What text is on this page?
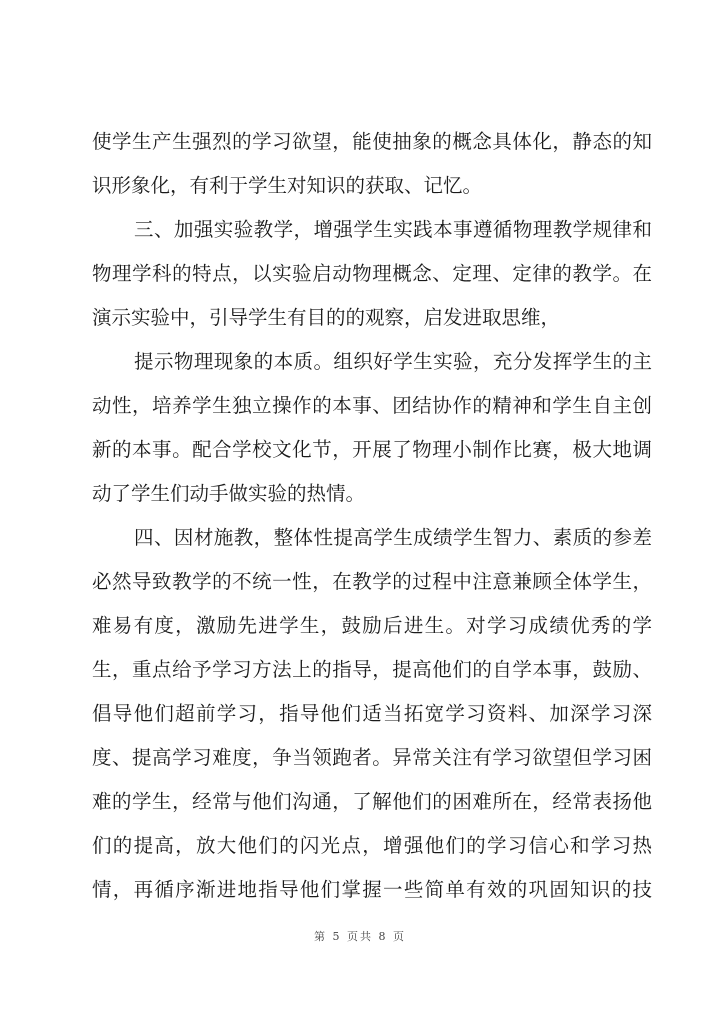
使学生产生强烈的学习欲望，能使抽象的概念具体化，静态的知
识形象化，有利于学生对知识的获取、记忆。
三、加强实验教学，增强学生实践本事遵循物理教学规律和
物理学科的特点，以实验启动物理概念、定理、定律的教学。在
演示实验中，引导学生有目的的观察，启发进取思维，
提示物理现象的本质。组织好学生实验，充分发挥学生的主
动性，培养学生独立操作的本事、团结协作的精神和学生自主创
新的本事。配合学校文化节，开展了物理小制作比赛，极大地调
动了学生们动手做实验的热情。
四、因材施教，整体性提高学生成绩学生智力、素质的参差
必然导致教学的不统一性，在教学的过程中注意兼顾全体学生，
难易有度，激励先进学生，鼓励后进生。对学习成绩优秀的学
生，重点给予学习方法上的指导，提高他们的自学本事，鼓励、
倡导他们超前学习，指导他们适当拓宽学习资料、加深学习深
度、提高学习难度，争当领跑者。异常关注有学习欲望但学习困
难的学生，经常与他们沟通，了解他们的困难所在，经常表扬他
们的提高，放大他们的闪光点，增强他们的学习信心和学习热
情，再循序渐进地指导他们掌握一些简单有效的巩固知识的技
第 5 页共 8 页
